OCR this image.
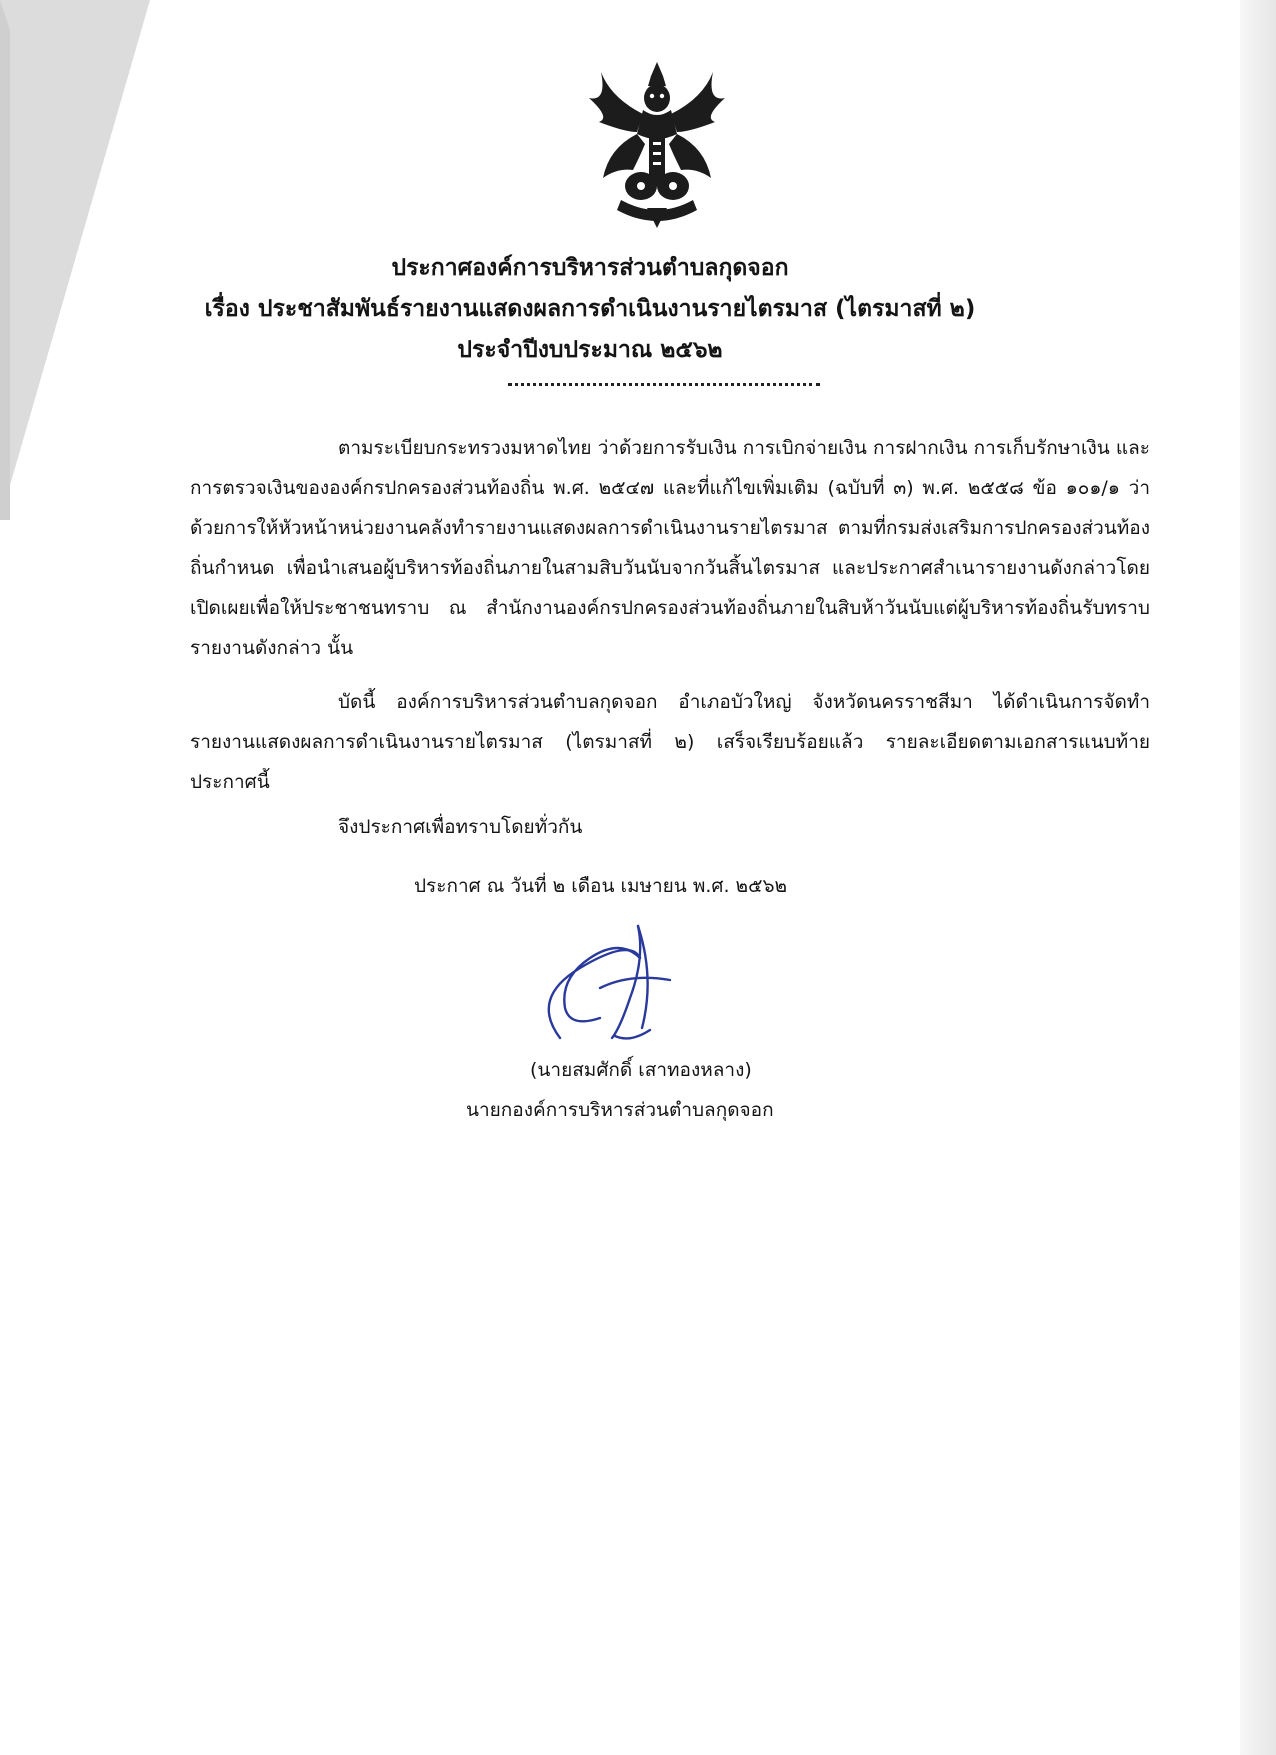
ประกาศองค์การบริหารส่วนตำบลกุดจอก
เรื่อง ประชาสัมพันธ์รายงานแสดงผลการดำเนินงานรายไตรมาส (ไตรมาสที่ ๒)
ประจำปีงบประมาณ ๒๕๖๒
ตามระเบียบกระทรวงมหาดไทย ว่าด้วยการรับเงิน การเบิกจ่ายเงิน การฝากเงิน การเก็บรักษาเงิน และการตรวจเงินขององค์กรปกครองส่วนท้องถิ่น พ.ศ. ๒๕๔๗ และที่แก้ไขเพิ่มเติม (ฉบับที่ ๓) พ.ศ. ๒๕๕๘ ข้อ ๑๐๑/๑ ว่าด้วยการให้หัวหน้าหน่วยงานคลังทำรายงานแสดงผลการดำเนินงานรายไตรมาส ตามที่กรมส่งเสริมการปกครองส่วนท้องถิ่นกำหนด เพื่อนำเสนอผู้บริหารท้องถิ่นภายในสามสิบวันนับจากวันสิ้นไตรมาส และประกาศสำเนารายงานดังกล่าวโดยเปิดเผยเพื่อให้ประชาชนทราบ ณ สำนักงานองค์กรปกครองส่วนท้องถิ่นภายในสิบห้าวันนับแต่ผู้บริหารท้องถิ่นรับทราบรายงานดังกล่าว นั้น
บัดนี้ องค์การบริหารส่วนตำบลกุดจอก อำเภอบัวใหญ่ จังหวัดนครราชสีมา ได้ดำเนินการจัดทำรายงานแสดงผลการดำเนินงานรายไตรมาส (ไตรมาสที่ ๒) เสร็จเรียบร้อยแล้ว รายละเอียดตามเอกสารแนบท้ายประกาศนี้
จึงประกาศเพื่อทราบโดยทั่วกัน
ประกาศ ณ วันที่ ๒ เดือน เมษายน พ.ศ. ๒๕๖๒
(นายสมศักดิ์ เสาทองหลาง)
นายกองค์การบริหารส่วนตำบลกุดจอก
